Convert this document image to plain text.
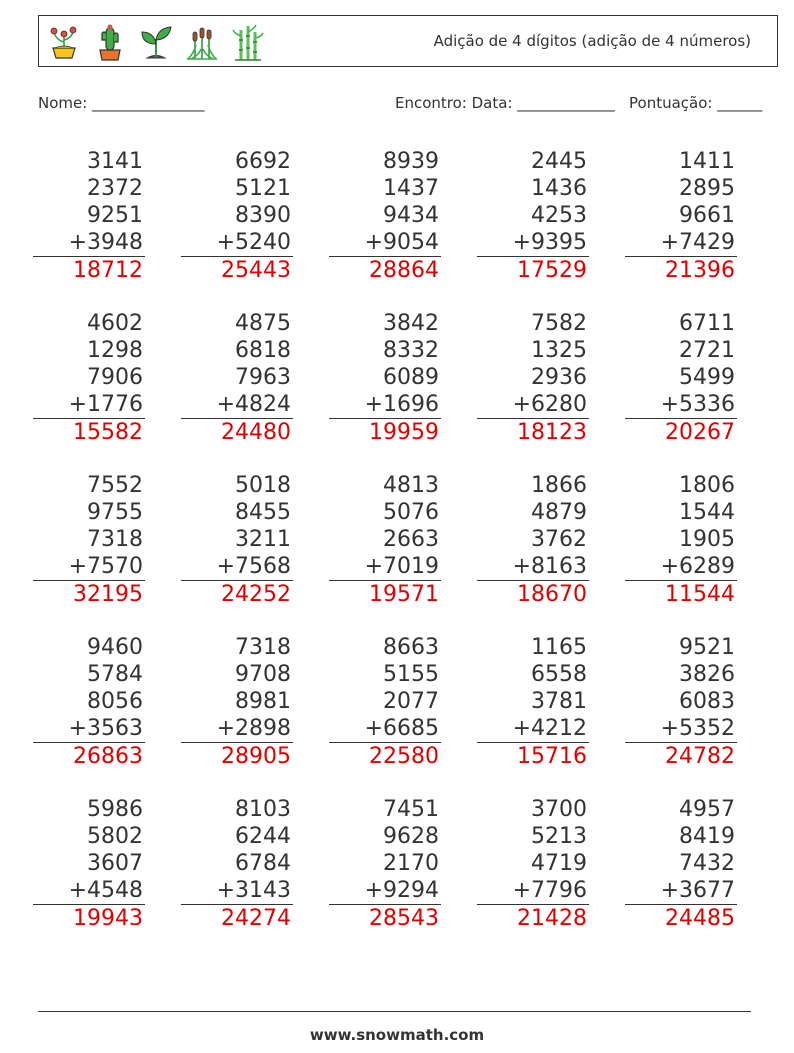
Adição de 4 dígitos (adição de 4 números)
Nome: _______________	Encontro: Data: _____________ Pontuação: ______
3141
2372
9251
+3948
18712
6692
5121
8390
+5240
25443
8939
1437
9434
+9054
28864
2445
1436
4253
+9395
17529
1411
2895
9661
+7429
21396
4602
1298
7906
+1776
15582
4875
6818
7963
+4824
24480
3842
8332
6089
+1696
19959
7582
1325
2936
+6280
18123
6711
2721
5499
+5336
20267
7552
9755
7318
+7570
32195
5018
8455
3211
+7568
24252
4813
5076
2663
+7019
19571
1866
4879
3762
+8163
18670
1806
1544
1905
+6289
11544
9460
5784
8056
+3563
26863
7318
9708
8981
+2898
28905
8663
5155
2077
+6685
22580
1165
6558
3781
+4212
15716
9521
3826
6083
+5352
24782
5986
5802
3607
+4548
19943
8103
6244
6784
+3143
24274
7451
9628
2170
+9294
28543
3700
5213
4719
+7796
21428
4957
8419
7432
+3677
24485
www.snowmath.com
